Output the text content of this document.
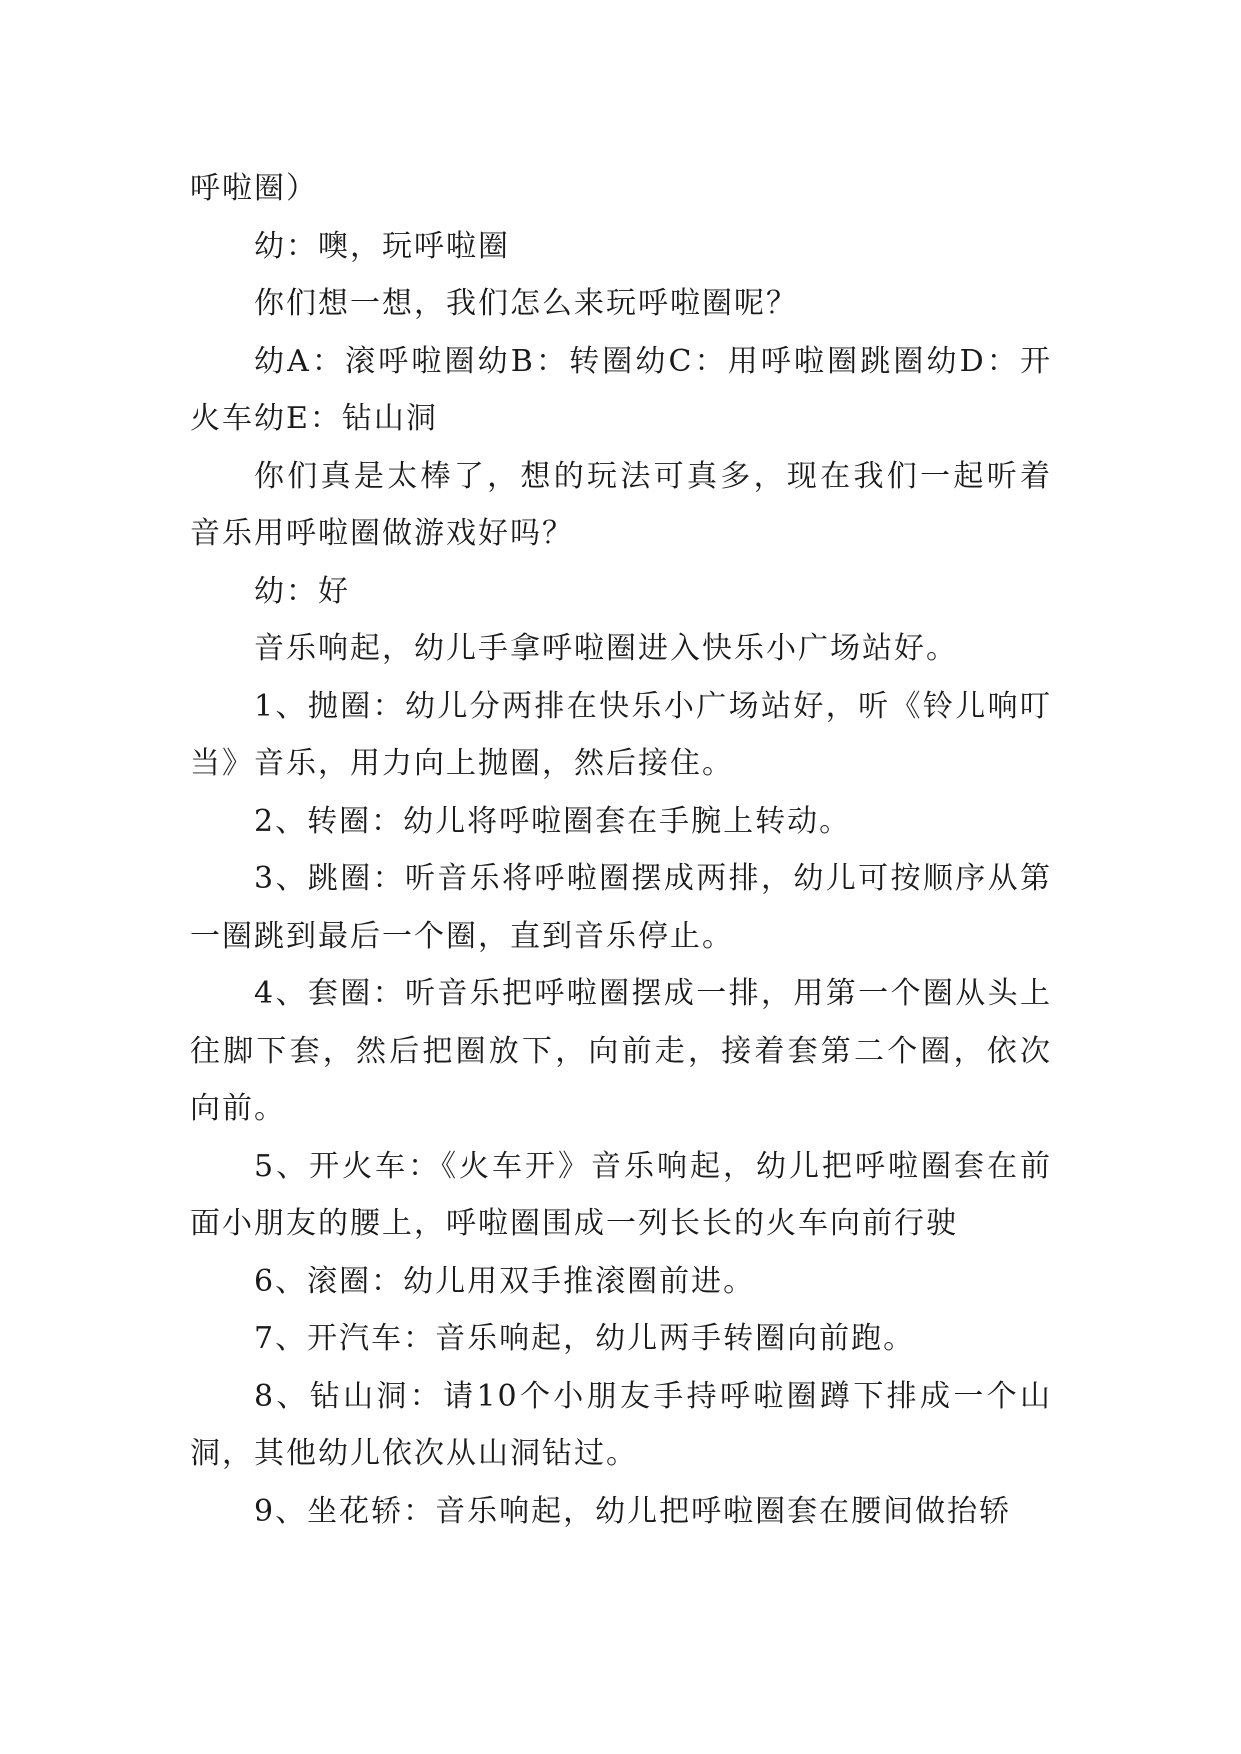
呼啦圈）

幼：噢，玩呼啦圈

你们想一想，我们怎么来玩呼啦圈呢？

幼A：滚呼啦圈幼B：转圈幼C：用呼啦圈跳圈幼D：开火车幼E：钻山洞

你们真是太棒了，想的玩法可真多，现在我们一起听着音乐用呼啦圈做游戏好吗？

幼：好

音乐响起，幼儿手拿呼啦圈进入快乐小广场站好。

1、抛圈：幼儿分两排在快乐小广场站好，听《铃儿响叮当》音乐，用力向上抛圈，然后接住。

2、转圈：幼儿将呼啦圈套在手腕上转动。

3、跳圈：听音乐将呼啦圈摆成两排，幼儿可按顺序从第一圈跳到最后一个圈，直到音乐停止。

4、套圈：听音乐把呼啦圈摆成一排，用第一个圈从头上往脚下套，然后把圈放下，向前走，接着套第二个圈，依次向前。

5、开火车：《火车开》音乐响起，幼儿把呼啦圈套在前面小朋友的腰上，呼啦圈围成一列长长的火车向前行驶

6、滚圈：幼儿用双手推滚圈前进。

7、开汽车：音乐响起，幼儿两手转圈向前跑。

8、钻山洞：请10个小朋友手持呼啦圈蹲下排成一个山洞，其他幼儿依次从山洞钻过。

9、坐花轿：音乐响起，幼儿把呼啦圈套在腰间做抬轿
